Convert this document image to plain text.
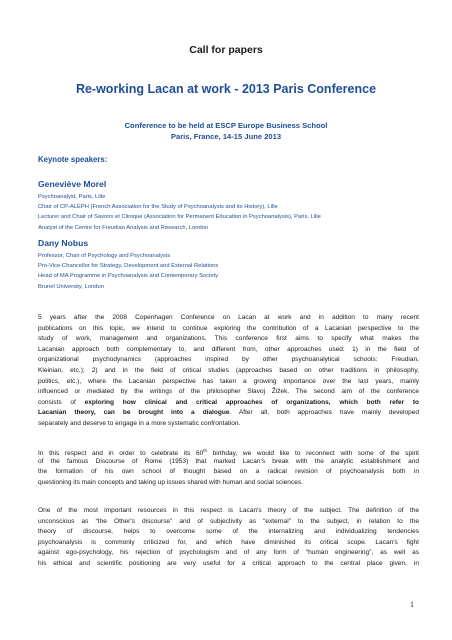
Call for papers
Re-working Lacan at work - 2013 Paris Conference
Conference to be held at ESCP Europe Business School
Paris, France, 14-15 June 2013
Keynote speakers:
Geneviève Morel
Psychoanalyst, Paris, Lille
Chair of CP-ALEPH (French Association for the Study of Psychoanalysis and its History), Lille
Lecturer and Chair of Savoirs et Clinique (Association for Permanent Education in Psychoanalysis), Paris, Lille
Analyst of the Centre for Freudian Analysis and Research, London
Dany Nobus
Professor, Chair of Psychology and Psychoanalysis
Pro-Vice-Chancellor for Strategy, Development and External Relations
Head of MA Programme in Psychoanalysis and Contemporary Society
Brunel University, London
5 years after the 2008 Copenhagen Conference on Lacan at work and in addition to many recent
publications on this topic, we intend to continue exploring the contribution of a Lacanian perspective to the
study of work, management and organizations. This conference first aims to specify what makes the
Lacanian approach both complementary to, and different from, other approaches used: 1) in the field of
organizational psychodynamics (approaches inspired by other psychoanalytical schools: Freudian,
Kleinian, etc.); 2) and in the field of critical studies (approaches based on other traditions in philosophy,
politics, etc.), where the Lacanian perspective has taken a growing importance over the last years, mainly
influenced or mediated by the writings of the philosopher Slavoj Žižek. The second aim of the conference
consists of exploring how clinical and critical approaches of organizations, which both refer to
Lacanian theory, can be brought into a dialogue. After all, both approaches have mainly developed
separately and deserve to engage in a more systematic confrontation.
In this respect and in order to celebrate its 60th birthday, we would like to reconnect with some of the spirit
of the famous Discourse of Rome (1953) that marked Lacan’s break with the analytic establishment and
the formation of his own school of thought based on a radical revision of psychoanalysis both in
questioning its main concepts and taking up issues shared with human and social sciences.
One of the most important resources in this respect is Lacan's theory of the subject. The definition of the
unconscious as “the Other's discourse” and of subjectivity as “external” to the subject, in relation to the
theory of discourse, helps to overcome some of the internalizing and individualizing tendencies
psychoanalysis is commonly criticized for, and which have diminished its critical scope. Lacan's fight
against ego-psychology, his rejection of psychologism and of any form of “human engineering”, as well as
his ethical and scientific positioning are very useful for a critical approach to the central place given, in
1
